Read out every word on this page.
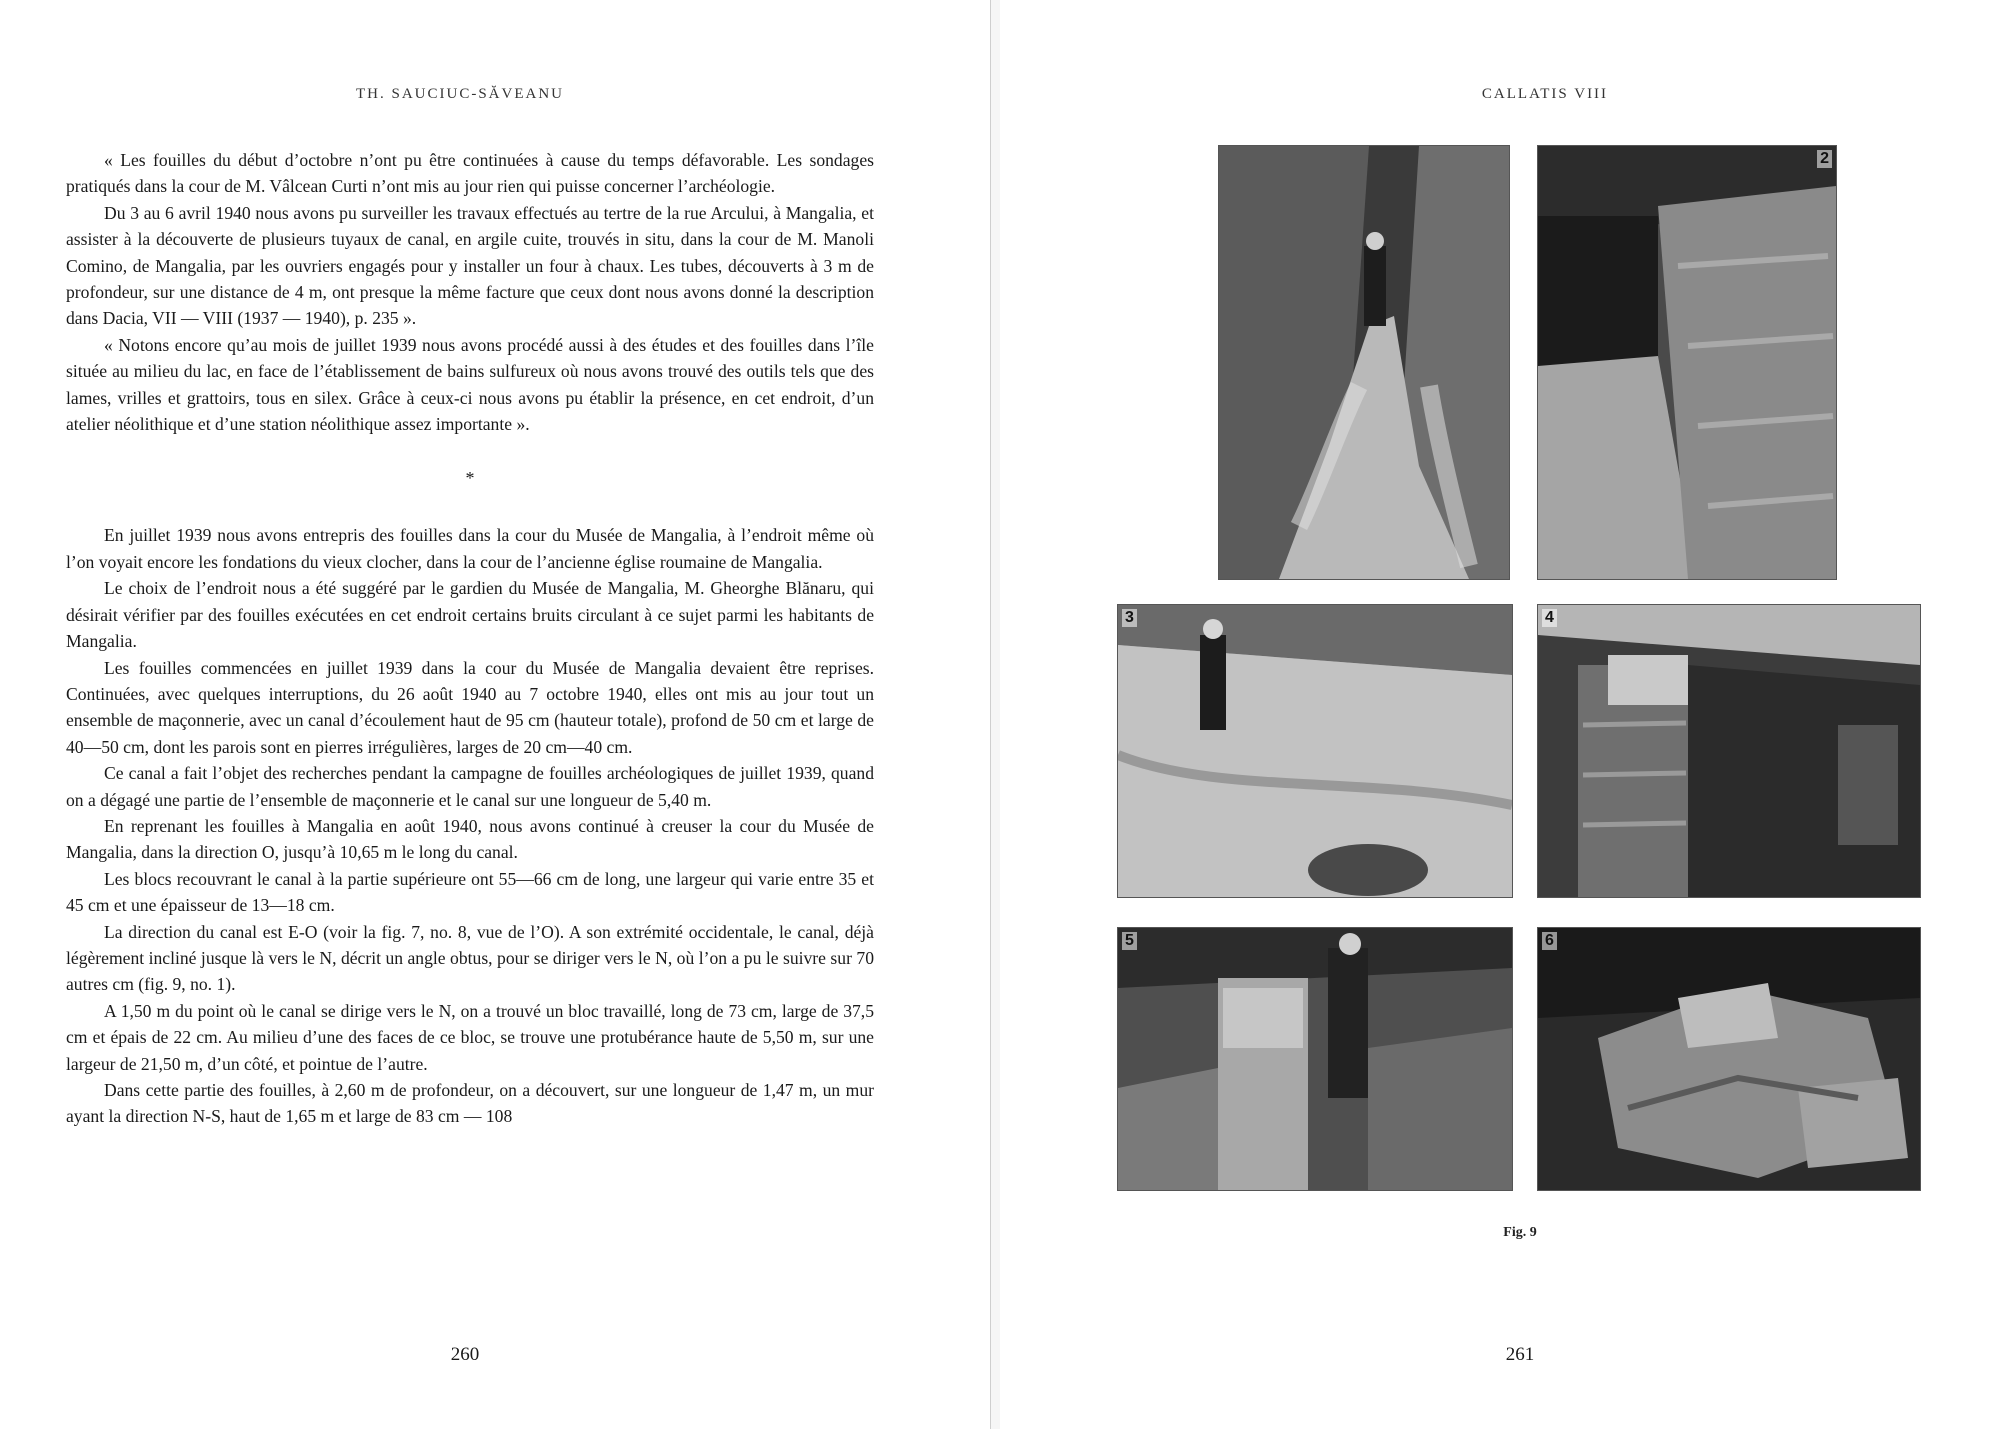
TH. SAUCIUC-SĂVEANU

« Les fouilles du début d’octobre n’ont pu être continuées à cause du temps défavorable. Les sondages pratiqués dans la cour de M. Vâlcean Curti n’ont mis au jour rien qui puisse concerner l’archéologie.

Du 3 au 6 avril 1940 nous avons pu surveiller les travaux effectués au tertre de la rue Arcului, à Mangalia, et assister à la découverte de plusieurs tuyaux de canal, en argile cuite, trouvés in situ, dans la cour de M. Manoli Comino, de Mangalia, par les ouvriers engagés pour y installer un four à chaux. Les tubes, découverts à 3 m de profondeur, sur une distance de 4 m, ont presque la même facture que ceux dont nous avons donné la description dans Dacia, VII — VIII (1937 — 1940), p. 235 ».

« Notons encore qu’au mois de juillet 1939 nous avons procédé aussi à des études et des fouilles dans l’île située au milieu du lac, en face de l’établissement de bains sulfureux où nous avons trouvé des outils tels que des lames, vrilles et grattoirs, tous en silex. Grâce à ceux-ci nous avons pu établir la présence, en cet endroit, d’un atelier néolithique et d’une station néolithique assez importante ».

*

En juillet 1939 nous avons entrepris des fouilles dans la cour du Musée de Mangalia, à l’endroit même où l’on voyait encore les fondations du vieux clocher, dans la cour de l’ancienne église roumaine de Mangalia.

Le choix de l’endroit nous a été suggéré par le gardien du Musée de Mangalia, M. Gheorghe Blănaru, qui désirait vérifier par des fouilles exécutées en cet endroit certains bruits circulant à ce sujet parmi les habitants de Mangalia.

Les fouilles commencées en juillet 1939 dans la cour du Musée de Mangalia devaient être reprises. Continuées, avec quelques interruptions, du 26 août 1940 au 7 octobre 1940, elles ont mis au jour tout un ensemble de maçonnerie, avec un canal d’écoulement haut de 95 cm (hauteur totale), profond de 50 cm et large de 40—50 cm, dont les parois sont en pierres irrégulières, larges de 20 cm—40 cm.

Ce canal a fait l’objet des recherches pendant la campagne de fouilles archéologiques de juillet 1939, quand on a dégagé une partie de l’ensemble de maçonnerie et le canal sur une longueur de 5,40 m.

En reprenant les fouilles à Mangalia en août 1940, nous avons continué à creuser la cour du Musée de Mangalia, dans la direction O, jusqu’à 10,65 m le long du canal.

Les blocs recouvrant le canal à la partie supérieure ont 55—66 cm de long, une largeur qui varie entre 35 et 45 cm et une épaisseur de 13—18 cm.

La direction du canal est E-O (voir la fig. 7, no. 8, vue de l’O). A son extrémité occidentale, le canal, déjà légèrement incliné jusque là vers le N, décrit un angle obtus, pour se diriger vers le N, où l’on a pu le suivre sur 70 autres cm (fig. 9, no. 1).

A 1,50 m du point où le canal se dirige vers le N, on a trouvé un bloc travaillé, long de 73 cm, large de 37,5 cm et épais de 22 cm. Au milieu d’une des faces de ce bloc, se trouve une protubérance haute de 5,50 m, sur une largeur de 21,50 m, d’un côté, et pointue de l’autre.

Dans cette partie des fouilles, à 2,60 m de profondeur, on a découvert, sur une longueur de 1,47 m, un mur ayant la direction N-S, haut de 1,65 m et large de 83 cm — 108

260
CALLATIS VIII
2
3	4
5	6
Fig. 9
261
